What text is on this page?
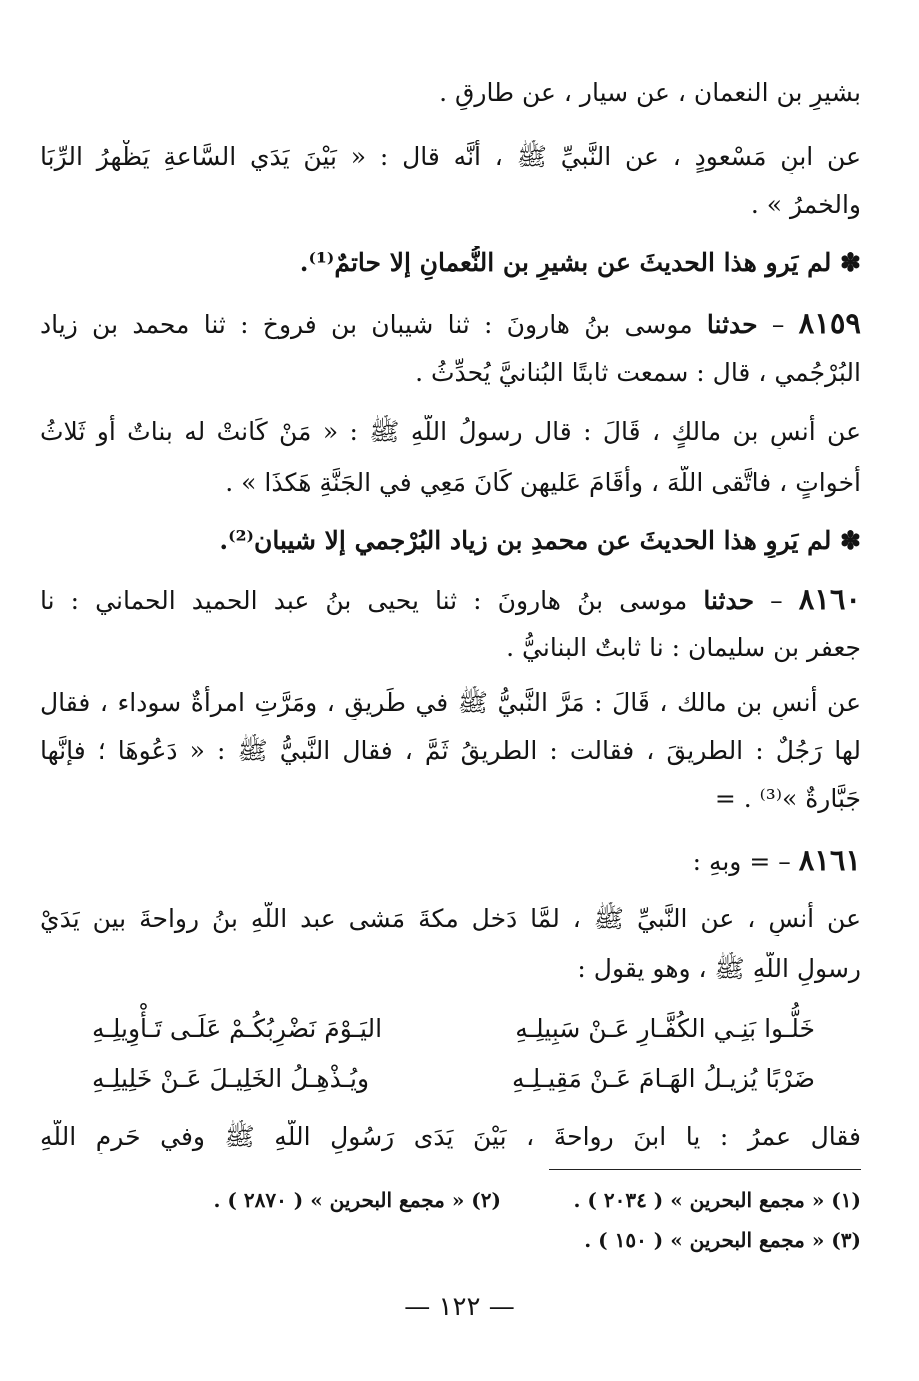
بشيرِ بن النعمان ، عن سيار ، عن طارقٍ .
عن ابنِ مَسْعودٍ ، عن النَّبيِّ ﷺ ، أنَّه قال : « بَيْنَ يَدَي السَّاعةِ يَظْهرُ الرِّبَا
والخمرُ » .
✽ لم يَرو هذا الحديثَ عن بشيرِ بن النُّعمانِ إلا حاتمٌ⁽¹⁾.
٨١٥٩ – حدثنا موسى بنُ هارونَ : ثنا شيبان بن فروخ : ثنا محمد بن زياد
البُرْجُمي ، قال : سمعت ثابتًا البُنانيَّ يُحدِّثُ .
عن أنسِ بن مالكٍ ، قَالَ : قال رسولُ اللَّهِ ﷺ : « مَنْ كَانتْ له بناتٌ أو ثَلاثُ
أَخواتٍ ، فاتَّقى اللَّهَ ، وأَقَامَ عَليهن كَانَ مَعِي في الجَنَّةِ هَكذَا » .
✽ لم يَروِ هذا الحديثَ عن محمدِ بن زياد البُرْجمي إلا شيبان⁽²⁾.
٨١٦٠ – حدثنا موسى بنُ هارونَ : ثنا يحيى بنُ عبد الحميد الحماني : نا
جعفر بن سليمان : نا ثابتٌ البنانيُّ .
عن أنسِ بن مالك ، قَالَ : مَرَّ النَّبيُّ ﷺ في طَريقٍ ، ومَرَّتِ امرأةٌ سوداء ، فقال
لها رَجُلٌ : الطريقَ ، فقالت : الطريقُ ثَمَّ ، فقال النَّبيُّ ﷺ : « دَعُوهَا ؛ فإنَّها
جَبَّارةٌ »⁽³⁾ . =
٨١٦١ – = وبهِ :
عن أَنسٍ ، عن النَّبيِّ ﷺ ، لمَّا دَخل مكةَ مَشى عبد اللَّهِ بنُ رواحةَ بين يَدَيْ
رسولِ اللَّهِ ﷺ ، وهو يقول :
خَلُّـوا بَنِـي الكُفَّـارِ عَـنْ سَبِيلِـهِ
اليَـوْمَ نَضْرِبُكُـمْ عَلَـى تَـأْوِيلِـهِ
ضَرْبًا يُزيـلُ الهَـامَ عَـنْ مَقِيـلِـهِ
ويُـذْهِـلُ الخَلِيـلَ عَـنْ خَلِيلِـهِ
فقال عمرُ : يا ابنَ رواحةَ ، بَيْنَ يَدَى رَسُولِ اللَّهِ ﷺ وفي حَرمِ اللَّهِ
(١) « مجمع البحرين » ( ٢٠٣٤ ) .
(٢) « مجمع البحرين » ( ٢٨٧٠ ) .
(٣) « مجمع البحرين » ( ١٥٠ ) .
— ١٢٢ —
